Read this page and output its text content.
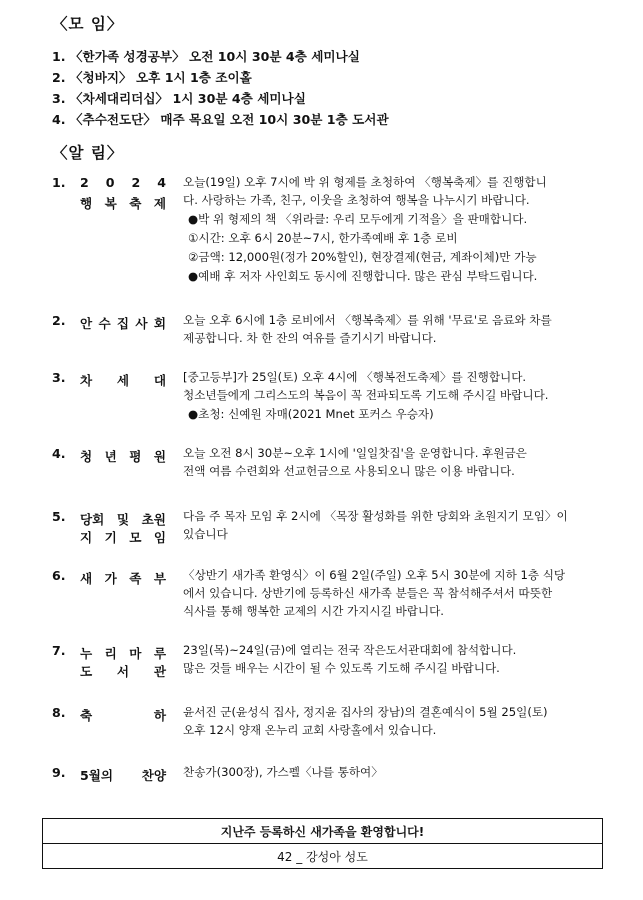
〈모 임〉
1. 〈한가족 성경공부〉 오전 10시 30분 4층 세미나실
2. 〈청바지〉 오후 1시 1층 조이홀
3. 〈차세대리더십〉 1시 30분 4층 세미나실
4. 〈추수전도단〉 매주 목요일 오전 10시 30분 1층 도서관
〈알 림〉
1. 2 0 2 4
행 복 축 제
오늘(19일) 오후 7시에 박 위 형제를 초청하여 〈행복축제〉를 진행합니
다. 사랑하는 가족, 친구, 이웃을 초청하여 행복을 나누시기 바랍니다.
●박 위 형제의 책 〈위라클: 우리 모두에게 기적을〉을 판매합니다.
①시간: 오후 6시 20분~7시, 한가족예배 후 1층 로비
②금액: 12,000원(정가 20%할인), 현장결제(현금, 계좌이체)만 가능
●예배 후 저자 사인회도 동시에 진행합니다. 많은 관심 부탁드립니다.
2. 안 수 집 사 회 오늘 오후 6시에 1층 로비에서 〈행복축제〉를 위해 '무료'로 음료와 차를
제공합니다. 차 한 잔의 여유를 즐기시기 바랍니다.
3. 차 세 대 [중고등부]가 25일(토) 오후 4시에 〈행복전도축제〉를 진행합니다.
청소년들에게 그리스도의 복음이 꼭 전파되도록 기도해 주시길 바랍니다.
●초청: 신예원 자매(2021 Mnet 포커스 우승자)
4. 청 년 평 원 오늘 오전 8시 30분~오후 1시에 '일일찻집'을 운영합니다. 후원금은
전액 여름 수련회와 선교헌금으로 사용되오니 많은 이용 바랍니다.
5. 당회 및 초원
지 기 모 임
다음 주 목자 모임 후 2시에 〈목장 활성화를 위한 당회와 초원지기 모임〉이
있습니다
6. 새 가 족 부 〈상반기 새가족 환영식〉이 6월 2일(주일) 오후 5시 30분에 지하 1층 식당
에서 있습니다. 상반기에 등록하신 새가족 분들은 꼭 참석해주셔서 따뜻한
식사를 통해 행복한 교제의 시간 가지시길 바랍니다.
7. 누 리 마 루
도 서 관
23일(목)~24일(금)에 열리는 전국 작은도서관대회에 참석합니다.
많은 것들 배우는 시간이 될 수 있도록 기도해 주시길 바랍니다.
8. 축	하 윤서진 군(윤성식 집사, 정지윤 집사의 장남)의 결혼예식이 5월 25일(토)
오후 12시 양재 온누리 교회 사랑홀에서 있습니다.
9. 5월의 찬양 찬송가(300장), 가스펠〈나를 통하여〉
지난주 등록하신 새가족을 환영합니다!
42 _ 강성아 성도
